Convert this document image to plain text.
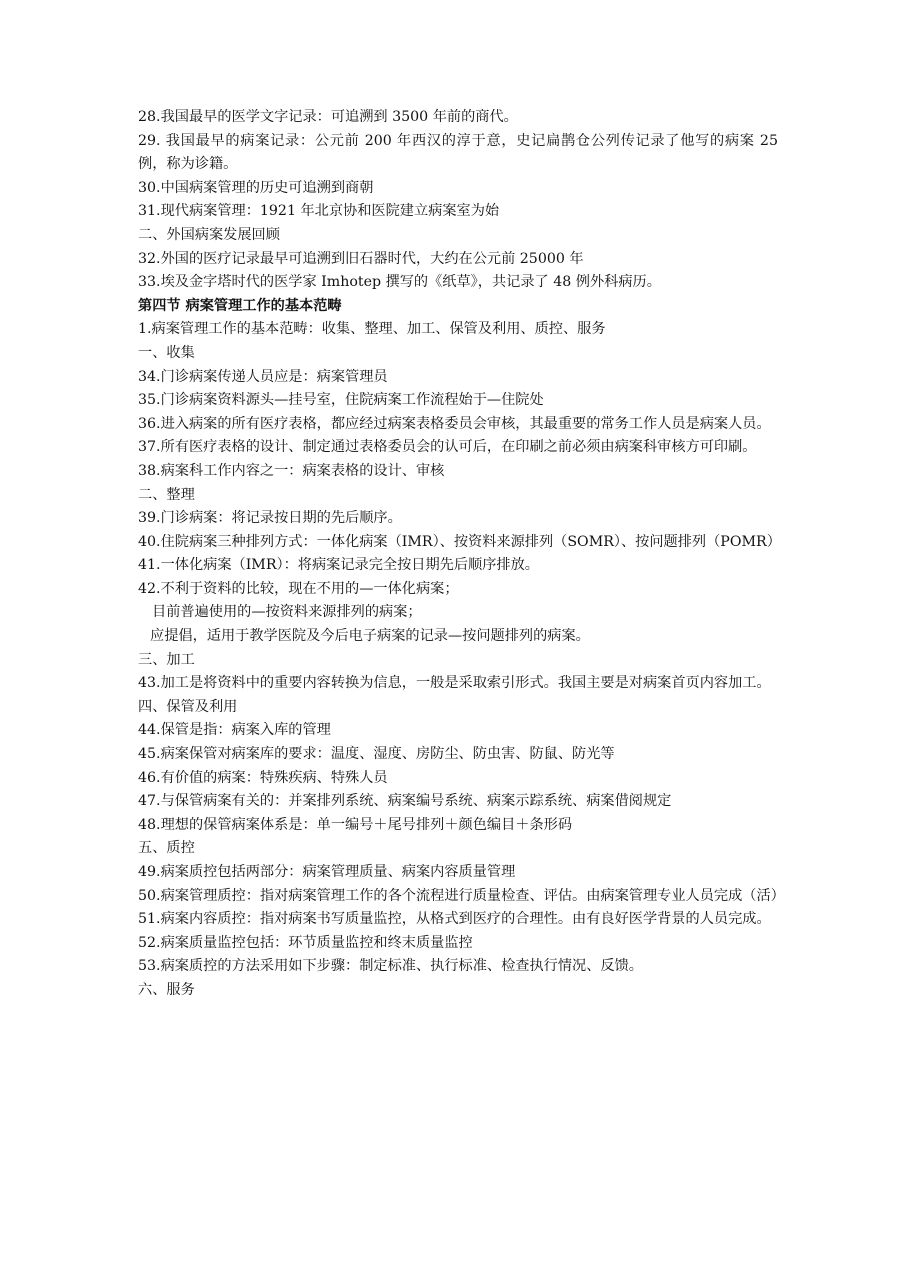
28.我国最早的医学文字记录：可追溯到 3500 年前的商代。

29. 我国最早的病案记录：公元前 200 年西汉的淳于意，史记扁鹊仓公列传记录了他写的病案 25 例，称为诊籍。

30.中国病案管理的历史可追溯到商朝

31.现代病案管理：1921 年北京协和医院建立病案室为始

二、外国病案发展回顾

32.外国的医疗记录最早可追溯到旧石器时代，大约在公元前 25000 年

33.埃及金字塔时代的医学家 Imhotep 撰写的《纸草》，共记录了 48 例外科病历。

第四节 病案管理工作的基本范畴

1.病案管理工作的基本范畴：收集、整理、加工、保管及利用、质控、服务

一、收集

34.门诊病案传递人员应是：病案管理员

35.门诊病案资料源头—挂号室，住院病案工作流程始于—住院处

36.进入病案的所有医疗表格，都应经过病案表格委员会审核，其最重要的常务工作人员是病案人员。

37.所有医疗表格的设计、制定通过表格委员会的认可后，在印刷之前必须由病案科审核方可印刷。

38.病案科工作内容之一：病案表格的设计、审核

二、整理

39.门诊病案：将记录按日期的先后顺序。

40.住院病案三种排列方式：一体化病案（IMR）、按资料来源排列（SOMR）、按问题排列（POMR）

41.一体化病案（IMR）：将病案记录完全按日期先后顺序排放。

42.不利于资料的比较，现在不用的—一体化病案；

目前普遍使用的—按资料来源排列的病案；

应提倡，适用于教学医院及今后电子病案的记录—按问题排列的病案。

三、加工

43.加工是将资料中的重要内容转换为信息，一般是采取索引形式。我国主要是对病案首页内容加工。

四、保管及利用

44.保管是指：病案入库的管理

45.病案保管对病案库的要求：温度、湿度、房防尘、防虫害、防鼠、防光等

46.有价值的病案：特殊疾病、特殊人员

47.与保管病案有关的：并案排列系统、病案编号系统、病案示踪系统、病案借阅规定

48.理想的保管病案体系是：单一编号＋尾号排列＋颜色编目＋条形码

五、质控

49.病案质控包括两部分：病案管理质量、病案内容质量管理

50.病案管理质控：指对病案管理工作的各个流程进行质量检查、评估。由病案管理专业人员完成（活）

51.病案内容质控：指对病案书写质量监控，从格式到医疗的合理性。由有良好医学背景的人员完成。

52.病案质量监控包括：环节质量监控和终末质量监控

53.病案质控的方法采用如下步骤：制定标准、执行标准、检查执行情况、反馈。

六、服务
